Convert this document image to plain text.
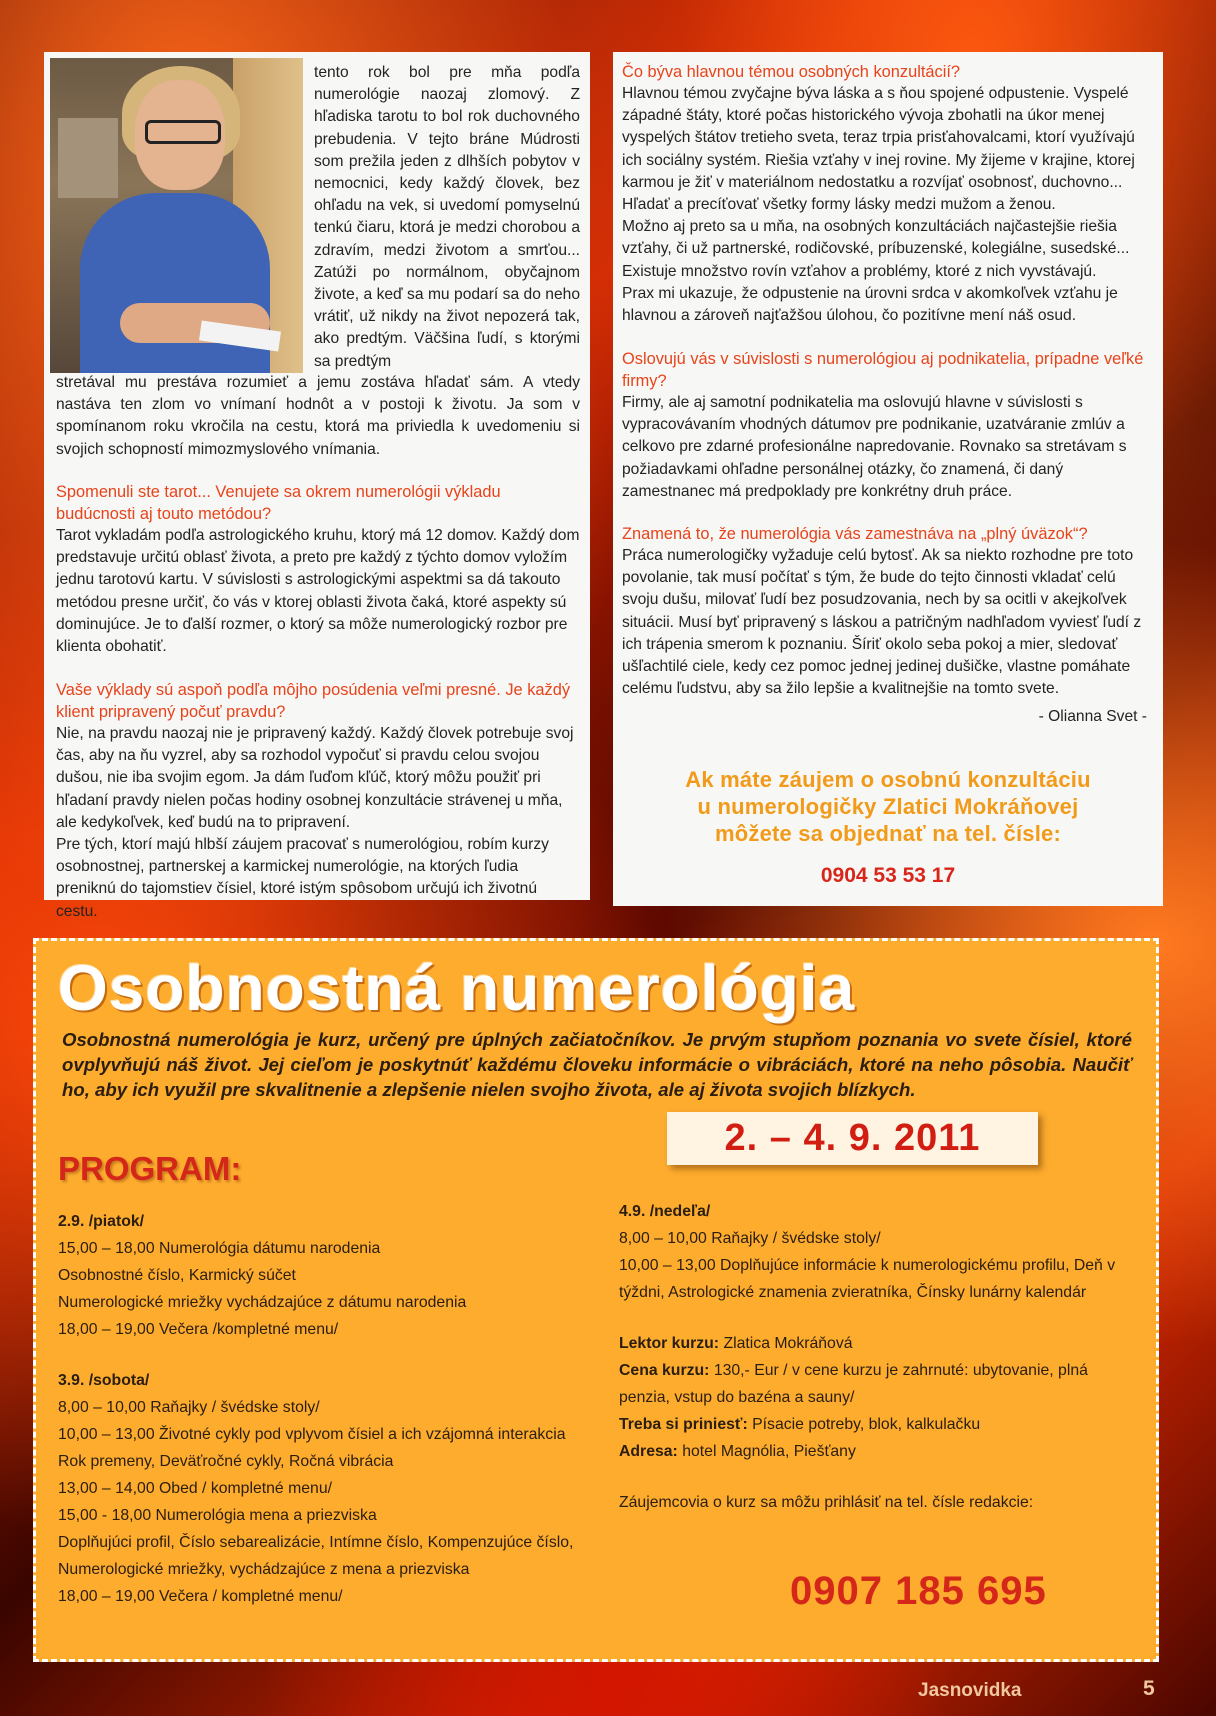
tento rok bol pre mňa podľa numerológie naozaj zlomový. Z hľadiska tarotu to bol rok duchovného prebudenia. V tejto bráne Múdrosti som prežila jeden z dlhších pobytov v nemocnici, kedy každý človek, bez ohľadu na vek, si uvedomí pomyselnú tenkú čiaru, ktorá je medzi chorobou a zdravím, medzi životom a smrťou... Zatúži po normálnom, obyčajnom živote, a keď sa mu podarí sa do neho vrátiť, už nikdy na život nepozerá tak, ako predtým. Väčšina ľudí, s ktorými sa predtým
stretával mu prestáva rozumieť a jemu zostáva hľadať sám. A vtedy nastáva ten zlom vo vnímaní hodnôt a v postoji k životu. Ja som v spomínanom roku vkročila na cestu, ktorá ma priviedla k uvedomeniu si svojich schopností mimozmyslového vnímania.

Spomenuli ste tarot... Venujete sa okrem numerológii výkladu budúcnosti aj touto metódou?

Tarot vykladám podľa astrologického kruhu, ktorý má 12 domov. Každý dom predstavuje určitú oblasť života, a preto pre každý z týchto domov vyložím jednu tarotovú kartu. V súvislosti s astrologickými aspektmi sa dá takouto metódou presne určiť, čo vás v ktorej oblasti života čaká, ktoré aspekty sú dominujúce. Je to ďalší rozmer, o ktorý sa môže numerologický rozbor pre klienta obohatiť.

Vaše výklady sú aspoň podľa môjho posúdenia veľmi presné. Je každý klient pripravený počuť pravdu?

Nie, na pravdu naozaj nie je pripravený každý. Každý človek potrebuje svoj čas, aby na ňu vyzrel, aby sa rozhodol vypočuť si pravdu celou svojou dušou, nie iba svojim egom. Ja dám ľuďom kľúč, ktorý môžu použiť pri hľadaní pravdy nielen počas hodiny osobnej konzultácie strávenej u mňa, ale kedykoľvek, keď budú na to pripravení.

Pre tých, ktorí majú hlbší záujem pracovať s numerológiou, robím kurzy osobnostnej, partnerskej a karmickej numerológie, na ktorých ľudia preniknú do tajomstiev čísiel, ktoré istým spôsobom určujú ich životnú cestu.

Čo býva hlavnou témou osobných konzultácií?

Hlavnou témou zvyčajne býva láska a s ňou spojené odpustenie. Vyspelé západné štáty, ktoré počas historického vývoja zbohatli na úkor menej vyspelých štátov tretieho sveta, teraz trpia prisťahovalcami, ktorí využívajú ich sociálny systém. Riešia vzťahy v inej rovine. My žijeme v krajine, ktorej karmou je žiť v materiálnom nedostatku a rozvíjať osobnosť, duchovno... Hľadať a precíťovať všetky formy lásky medzi mužom a ženou.

Možno aj preto sa u mňa, na osobných konzultáciách najčastejšie riešia vzťahy, či už partnerské, rodičovské, príbuzenské, kolegiálne, susedské... Existuje množstvo rovín vzťahov a problémy, ktoré z nich vyvstávajú.

Prax mi ukazuje, že odpustenie na úrovni srdca v akomkoľvek vzťahu je hlavnou a zároveň najťažšou úlohou, čo pozitívne mení náš osud.

Oslovujú vás v súvislosti s numerológiou aj podnikatelia, prípadne veľké firmy?

Firmy, ale aj samotní podnikatelia ma oslovujú hlavne v súvislosti s vypracovávaním vhodných dátumov pre podnikanie, uzatváranie zmlúv a celkovo pre zdarné profesionálne napredovanie. Rovnako sa stretávam s požiadavkami ohľadne personálnej otázky, čo znamená, či daný zamestnanec má predpoklady pre konkrétny druh práce.

Znamená to, že numerológia vás zamestnáva na „plný úväzok“?

Práca numerologičky vyžaduje celú bytosť. Ak sa niekto rozhodne pre toto povolanie, tak musí počítať s tým, že bude do tejto činnosti vkladať celú svoju dušu, milovať ľudí bez posudzovania, nech by sa ocitli v akejkoľvek situácii. Musí byť pripravený s láskou a patričným nadhľadom vyviesť ľudí z ich trápenia smerom k poznaniu. Šíriť okolo seba pokoj a mier, sledovať ušľachtilé ciele, kedy cez pomoc jednej jedinej dušičke, vlastne pomáhate celému ľudstvu, aby sa žilo lepšie a kvalitnejšie na tomto svete.

- Olianna Svet -
Ak máte záujem o osobnú konzultáciu
u numerologičky Zlatici Mokráňovej
môžete sa objednať na tel. čísle:
0904 53 53 17
Osobnostná numerológia
Osobnostná numerológia je kurz, určený pre úplných začiatočníkov. Je prvým stupňom poznania vo svete čísiel, ktoré ovplyvňujú náš život. Jej cieľom je poskytnúť každému človeku informácie o vibráciách, ktoré na neho pôsobia. Naučiť ho, aby ich využil pre skvalitnenie a zlepšenie nielen svojho života, ale aj života svojich blízkych.
2. – 4. 9. 2011
PROGRAM:

2.9. /piatok/

15,00 – 18,00 Numerológia dátumu narodenia

Osobnostné číslo, Karmický súčet

Numerologické mriežky vychádzajúce z dátumu narodenia

18,00 – 19,00 Večera /kompletné menu/

3.9. /sobota/

8,00 – 10,00 Raňajky / švédske stoly/

10,00 – 13,00 Životné cykly pod vplyvom čísiel a ich vzájomná interakcia

Rok premeny, Deväťročné cykly, Ročná vibrácia

13,00 – 14,00 Obed / kompletné menu/

15,00 - 18,00 Numerológia mena a priezviska

Doplňujúci profil, Číslo sebarealizácie, Intímne číslo, Kompenzujúce číslo, Numerologické mriežky, vychádzajúce z mena a priezviska

18,00 – 19,00 Večera / kompletné menu/

4.9. /nedeľa/

8,00 – 10,00 Raňajky / švédske stoly/

10,00 – 13,00 Doplňujúce informácie k numerologickému profilu, Deň v týždni, Astrologické znamenia zvieratníka, Čínsky lunárny kalendár

Lektor kurzu: Zlatica Mokráňová

Cena kurzu: 130,- Eur / v cene kurzu je zahrnuté: ubytovanie, plná penzia, vstup do bazéna a sauny/

Treba si priniesť: Písacie potreby, blok, kalkulačku

Adresa: hotel Magnólia, Piešťany

Záujemcovia o kurz sa môžu prihlásiť na tel. čísle redakcie:

0907 185 695
Jasnovidka	5
